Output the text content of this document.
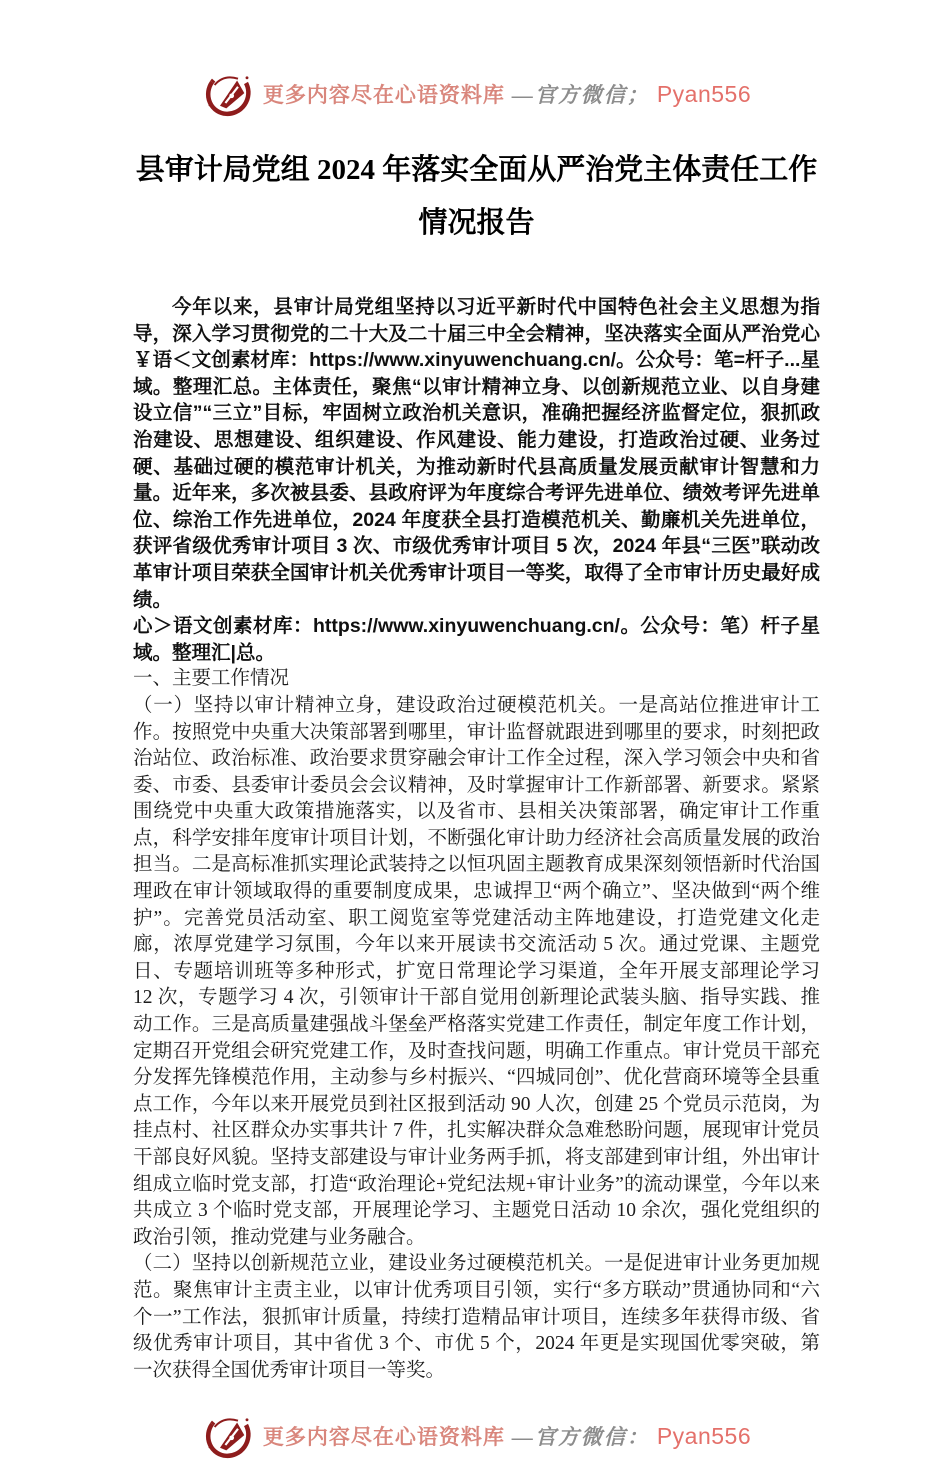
更多内容尽在心语资料库 —官方微信； Pyan556
县审计局党组 2024 年落实全面从严治党主体责任工作情况报告

今年以来，县审计局党组坚持以习近平新时代中国特色社会主义思想为指导，深入学习贯彻党的二十大及二十届三中全会精神，坚决落实全面从严治党心￥语＜文创素材库：https://www.xinyuwenchuang.cn/。公众号：笔=杆子...星域。整理汇总。主体责任，聚焦“以审计精神立身、以创新规范立业、以自身建设立信”“三立”目标，牢固树立政治机关意识，准确把握经济监督定位，狠抓政治建设、思想建设、组织建设、作风建设、能力建设，打造政治过硬、业务过硬、基础过硬的模范审计机关，为推动新时代县高质量发展贡献审计智慧和力量。近年来，多次被县委、县政府评为年度综合考评先进单位、绩效考评先进单位、综治工作先进单位，2024 年度获全县打造模范机关、勤廉机关先进单位，获评省级优秀审计项目 3 次、市级优秀审计项目 5 次，2024 年县“三医”联动改革审计项目荣获全国审计机关优秀审计项目一等奖，取得了全市审计历史最好成绩。

心＞语文创素材库：https://www.xinyuwenchuang.cn/。公众号：笔）杆子星域。整理汇|总。

一、主要工作情况

（一）坚持以审计精神立身，建设政治过硬模范机关。一是高站位推进审计工作。按照党中央重大决策部署到哪里，审计监督就跟进到哪里的要求，时刻把政治站位、政治标准、政治要求贯穿融会审计工作全过程，深入学习领会中央和省委、市委、县委审计委员会会议精神，及时掌握审计工作新部署、新要求。紧紧围绕党中央重大政策措施落实，以及省市、县相关决策部署，确定审计工作重点，科学安排年度审计项目计划，不断强化审计助力经济社会高质量发展的政治担当。二是高标准抓实理论武装持之以恒巩固主题教育成果深刻领悟新时代治国理政在审计领域取得的重要制度成果，忠诚捍卫“两个确立”、坚决做到“两个维护”。完善党员活动室、职工阅览室等党建活动主阵地建设，打造党建文化走廊，浓厚党建学习氛围，今年以来开展读书交流活动 5 次。通过党课、主题党日、专题培训班等多种形式，扩宽日常理论学习渠道，全年开展支部理论学习 12 次，专题学习 4 次，引领审计干部自觉用创新理论武装头脑、指导实践、推动工作。三是高质量建强战斗堡垒严格落实党建工作责任，制定年度工作计划，定期召开党组会研究党建工作，及时查找问题，明确工作重点。审计党员干部充分发挥先锋模范作用，主动参与乡村振兴、“四城同创”、优化营商环境等全县重点工作，今年以来开展党员到社区报到活动 90 人次，创建 25 个党员示范岗，为挂点村、社区群众办实事共计 7 件，扎实解决群众急难愁盼问题，展现审计党员干部良好风貌。坚持支部建设与审计业务两手抓，将支部建到审计组，外出审计组成立临时党支部，打造“政治理论+党纪法规+审计业务”的流动课堂，今年以来共成立 3 个临时党支部，开展理论学习、主题党日活动 10 余次，强化党组织的政治引领，推动党建与业务融合。

（二）坚持以创新规范立业，建设业务过硬模范机关。一是促进审计业务更加规范。聚焦审计主责主业，以审计优秀项目引领，实行“多方联动”贯通协同和“六个一”工作法，狠抓审计质量，持续打造精品审计项目，连续多年获得市级、省级优秀审计项目，其中省优 3 个、市优 5 个，2024 年更是实现国优零突破，第一次获得全国优秀审计项目一等奖。

更多内容尽在心语资料库 —官方微信： Pyan556
